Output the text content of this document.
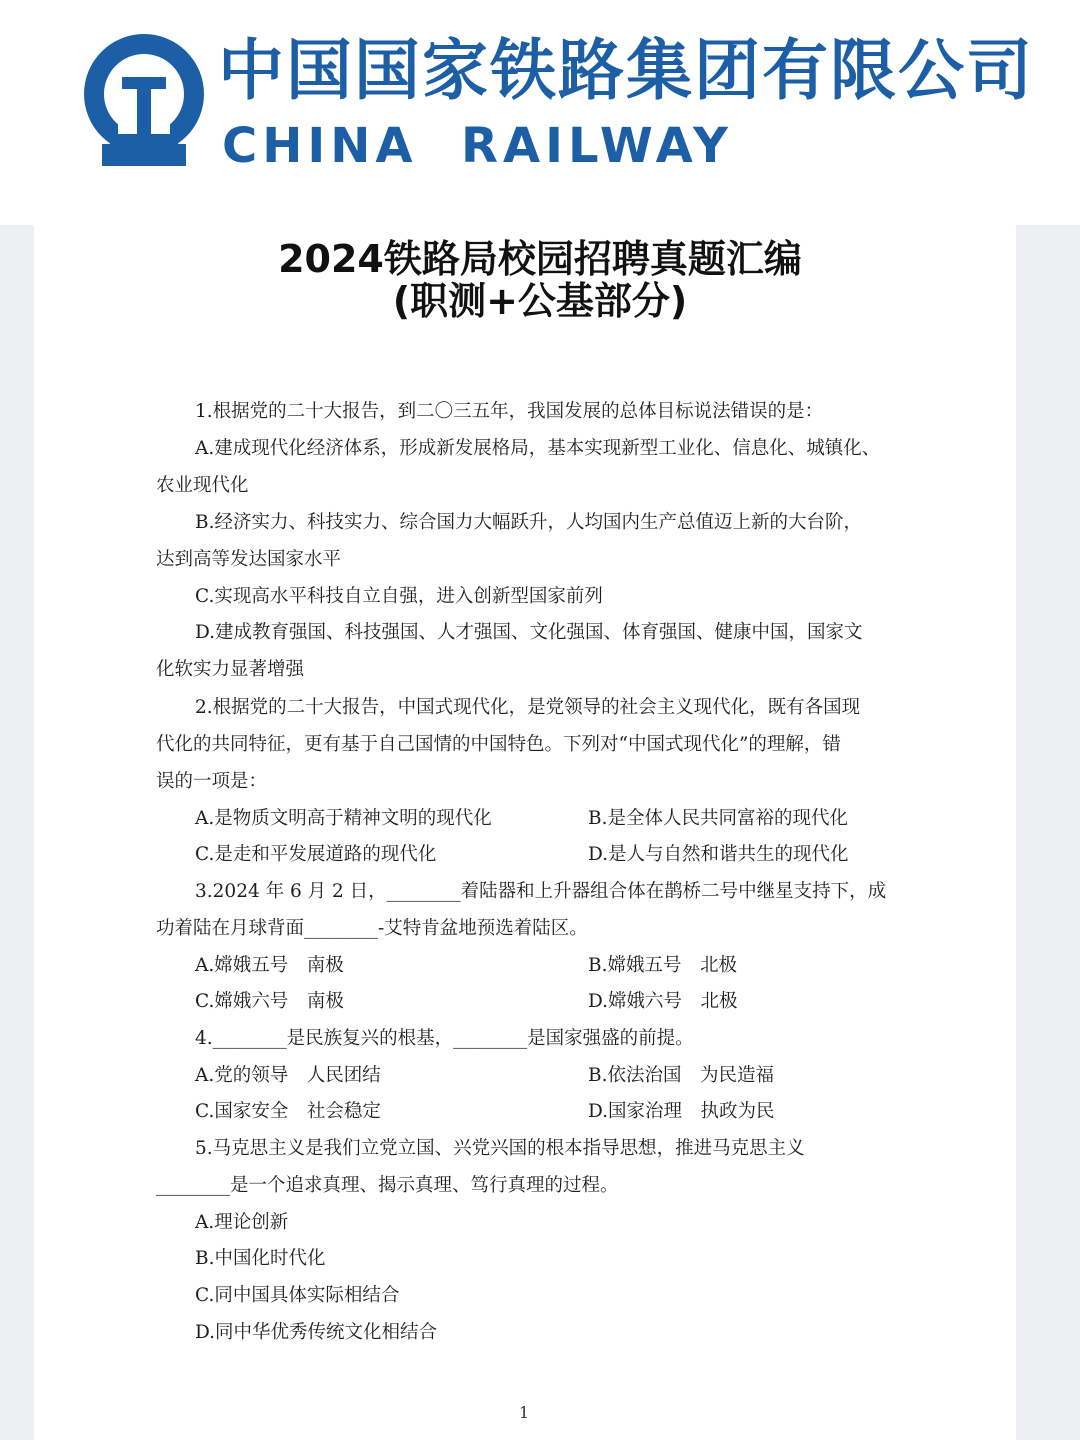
中国国家铁路集团有限公司
CHINA  RAILWAY
2024铁路局校园招聘真题汇编
(职测+公基部分)
1.根据党的二十大报告，到二〇三五年，我国发展的总体目标说法错误的是：
A.建成现代化经济体系，形成新发展格局，基本实现新型工业化、信息化、城镇化、
农业现代化
B.经济实力、科技实力、综合国力大幅跃升，人均国内生产总值迈上新的大台阶，
达到高等发达国家水平
C.实现高水平科技自立自强，进入创新型国家前列
D.建成教育强国、科技强国、人才强国、文化强国、体育强国、健康中国，国家文
化软实力显著增强
2.根据党的二十大报告，中国式现代化，是党领导的社会主义现代化，既有各国现
代化的共同特征，更有基于自己国情的中国特色。下列对“中国式现代化”的理解，错
误的一项是：
A.是物质文明高于精神文明的现代化	B.是全体人民共同富裕的现代化
C.是走和平发展道路的现代化	D.是人与自然和谐共生的现代化
3.2024 年 6 月 2 日，________着陆器和上升器组合体在鹊桥二号中继星支持下，成
功着陆在月球背面________-艾特肯盆地预选着陆区。
A.嫦娥五号　南极	B.嫦娥五号　北极
C.嫦娥六号　南极	D.嫦娥六号　北极
4.________是民族复兴的根基，________是国家强盛的前提。
A.党的领导　人民团结	B.依法治国　为民造福
C.国家安全　社会稳定	D.国家治理　执政为民
5.马克思主义是我们立党立国、兴党兴国的根本指导思想，推进马克思主义
________是一个追求真理、揭示真理、笃行真理的过程。
A.理论创新
B.中国化时代化
C.同中国具体实际相结合
D.同中华优秀传统文化相结合
1
